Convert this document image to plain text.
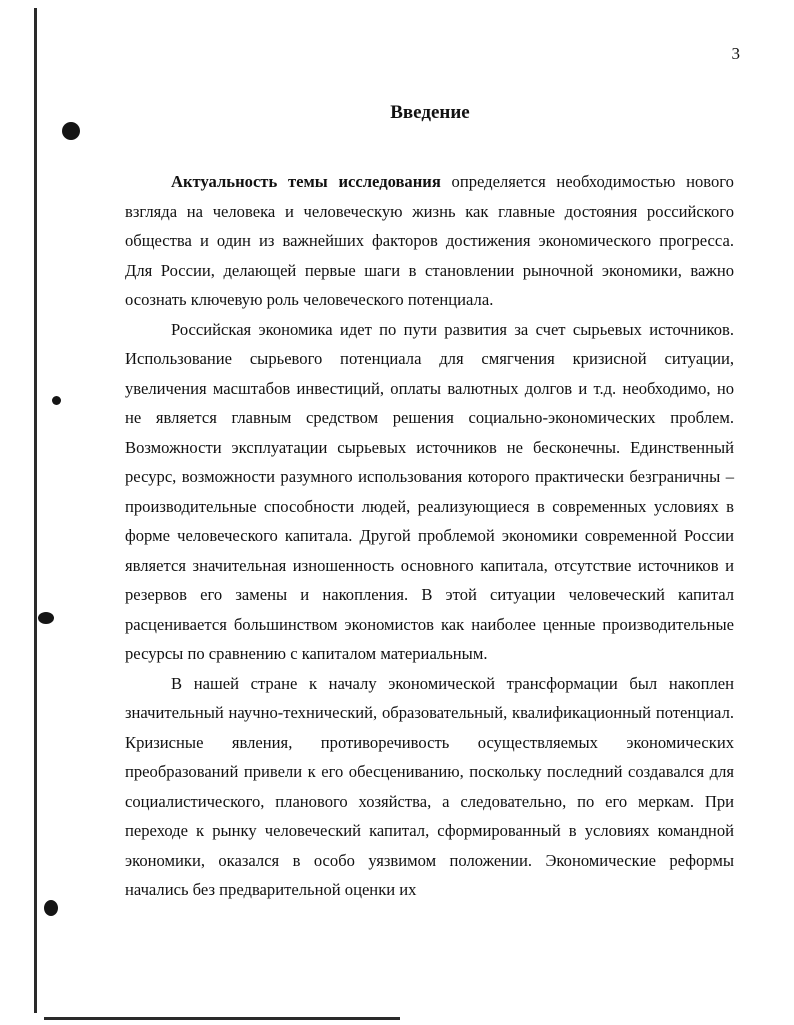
3
Введение

Актуальность темы исследования определяется необходимостью нового взгляда на человека и человеческую жизнь как главные достояния российского общества и один из важнейших факторов достижения экономического прогресса. Для России, делающей первые шаги в становлении рыночной экономики, важно осознать ключевую роль человеческого потенциала.

Российская экономика идет по пути развития за счет сырьевых источников. Использование сырьевого потенциала для смягчения кризисной ситуации, увеличения масштабов инвестиций, оплаты валютных долгов и т.д. необходимо, но не является главным средством решения социально-экономических проблем. Возможности эксплуатации сырьевых источников не бесконечны. Единственный ресурс, возможности разумного использования которого практически безграничны – производительные способности людей, реализующиеся в современных условиях в форме человеческого капитала. Другой проблемой экономики современной России является значительная изношенность основного капитала, отсутствие источников и резервов его замены и накопления. В этой ситуации человеческий капитал расценивается большинством экономистов как наиболее ценные производительные ресурсы по сравнению с капиталом материальным.

В нашей стране к началу экономической трансформации был накоплен значительный научно-технический, образовательный, квалификационный потенциал. Кризисные явления, противоречивость осуществляемых экономических преобразований привели к его обесцениванию, поскольку последний создавался для социалистического, планового хозяйства, а следовательно, по его меркам. При переходе к рынку человеческий капитал, сформированный в условиях командной экономики, оказался в особо уязвимом положении. Экономические реформы начались без предварительной оценки их
